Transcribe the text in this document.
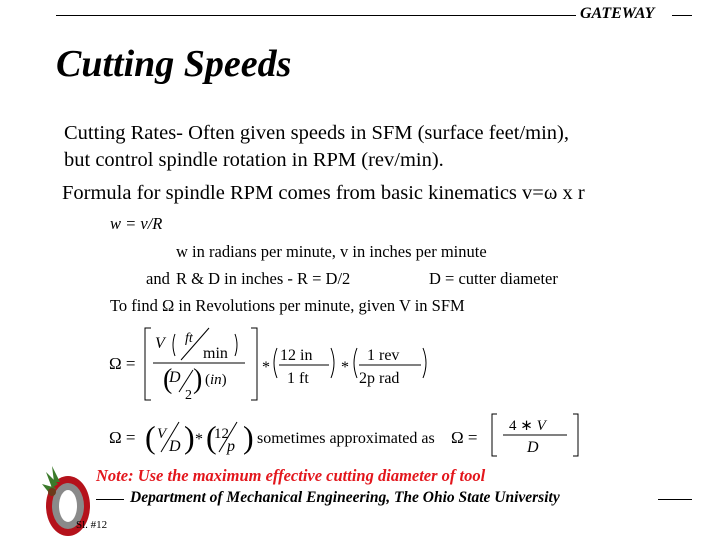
GATEWAY
Cutting Speeds
Cutting Rates- Often given speeds in SFM (surface feet/min),
but control spindle rotation in RPM (rev/min).
Formula for spindle RPM comes from basic kinematics v=ω x r
w = v/R
w in radians per minute, v in inches per minute
and R & D in inches - R = D/2	D = cutter diameter
To find Ω in Revolutions per minute, given V in SFM
Ω =
V ft
min
(
D
2
) (in)
*
12 in
1 ft
*
1 rev
2p rad
Ω = ( V
D ) * (
12
p ) sometimes approximated as Ω =
4 ∗ V
D
Note: Use the maximum effective cutting diameter of tool
Department of Mechanical Engineering, The Ohio State University
Sl. #12
